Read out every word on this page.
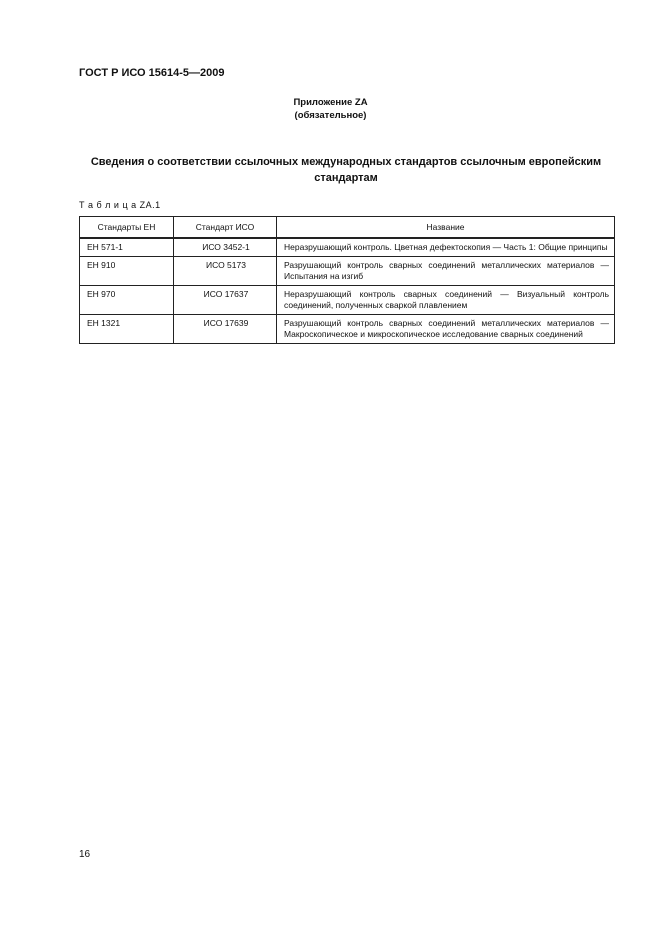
ГОСТ Р ИСО 15614-5—2009
Приложение ZA
(обязательное)
Сведения о соответствии ссылочных международных стандартов ссылочным европейским стандартам
Т а б л и ц а ZA.1
Стандарты ЕН	Стандарт ИСО	Название
ЕН 571-1	ИСО 3452-1	Неразрушающий контроль. Цветная дефектоскопия — Часть 1: Общие принципы
ЕН 910	ИСО 5173	Разрушающий контроль сварных соединений металлических материалов — Испытания на изгиб
ЕН 970	ИСО 17637	Неразрушающий контроль сварных соединений — Визуальный контроль соединений, полученных сваркой плавлением
ЕН 1321	ИСО 17639	Разрушающий контроль сварных соединений металлических материалов — Макроскопическое и микроскопическое исследование сварных соединений
16
